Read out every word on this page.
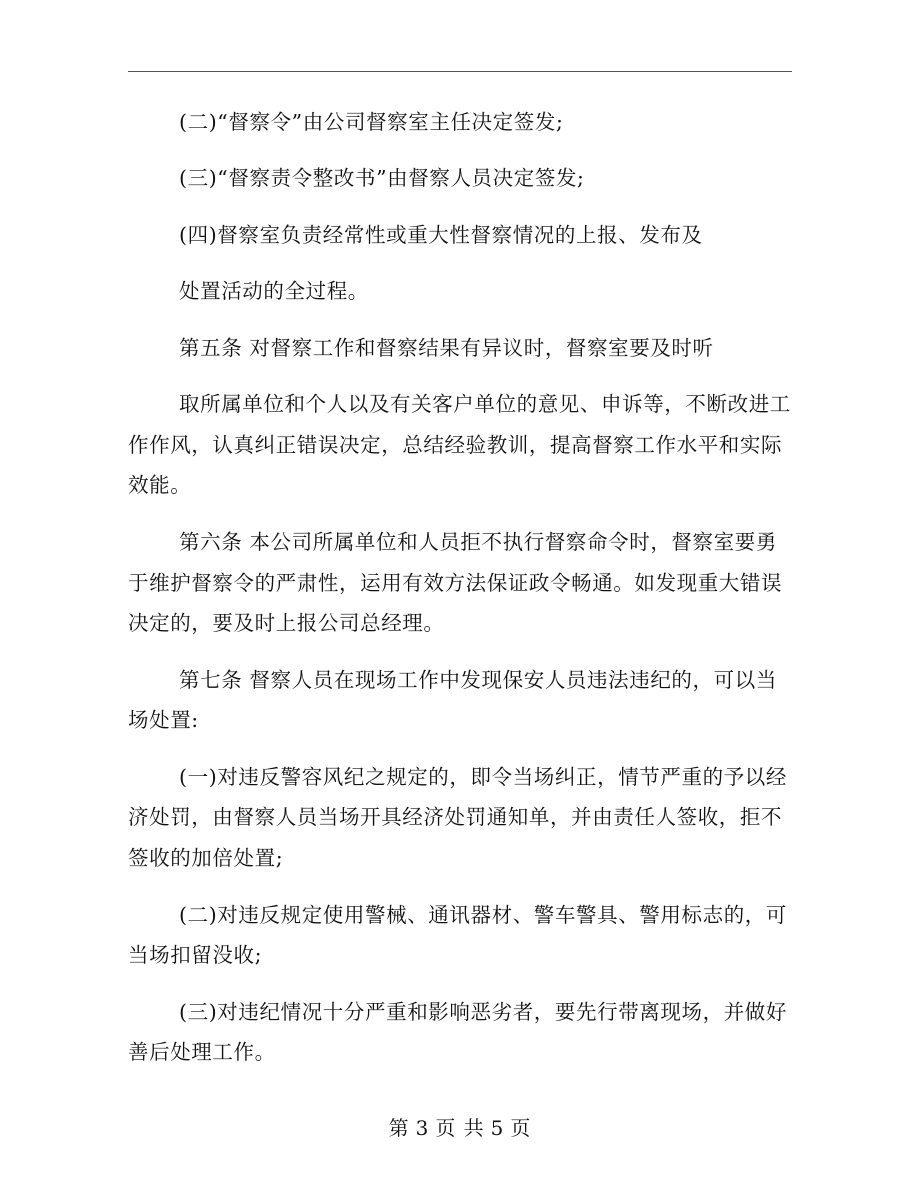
(二)“督察令”由公司督察室主任决定签发;
(三)“督察责令整改书”由督察人员决定签发;
(四)督察室负责经常性或重大性督察情况的上报、发布及
处置活动的全过程。
第五条 对督察工作和督察结果有异议时，督察室要及时听
取所属单位和个人以及有关客户单位的意见、申诉等，不断改进工
作作风，认真纠正错误决定，总结经验教训，提高督察工作水平和实际
效能。
第六条 本公司所属单位和人员拒不执行督察命令时，督察室要勇
于维护督察令的严肃性，运用有效方法保证政令畅通。如发现重大错误
决定的，要及时上报公司总经理。
第七条 督察人员在现场工作中发现保安人员违法违纪的，可以当
场处置:
(一)对违反警容风纪之规定的，即令当场纠正，情节严重的予以经
济处罚，由督察人员当场开具经济处罚通知单，并由责任人签收，拒不
签收的加倍处置;
(二)对违反规定使用警械、通讯器材、警车警具、警用标志的，可
当场扣留没收;
(三)对违纪情况十分严重和影响恶劣者，要先行带离现场，并做好
善后处理工作。
第 3 页 共 5 页
